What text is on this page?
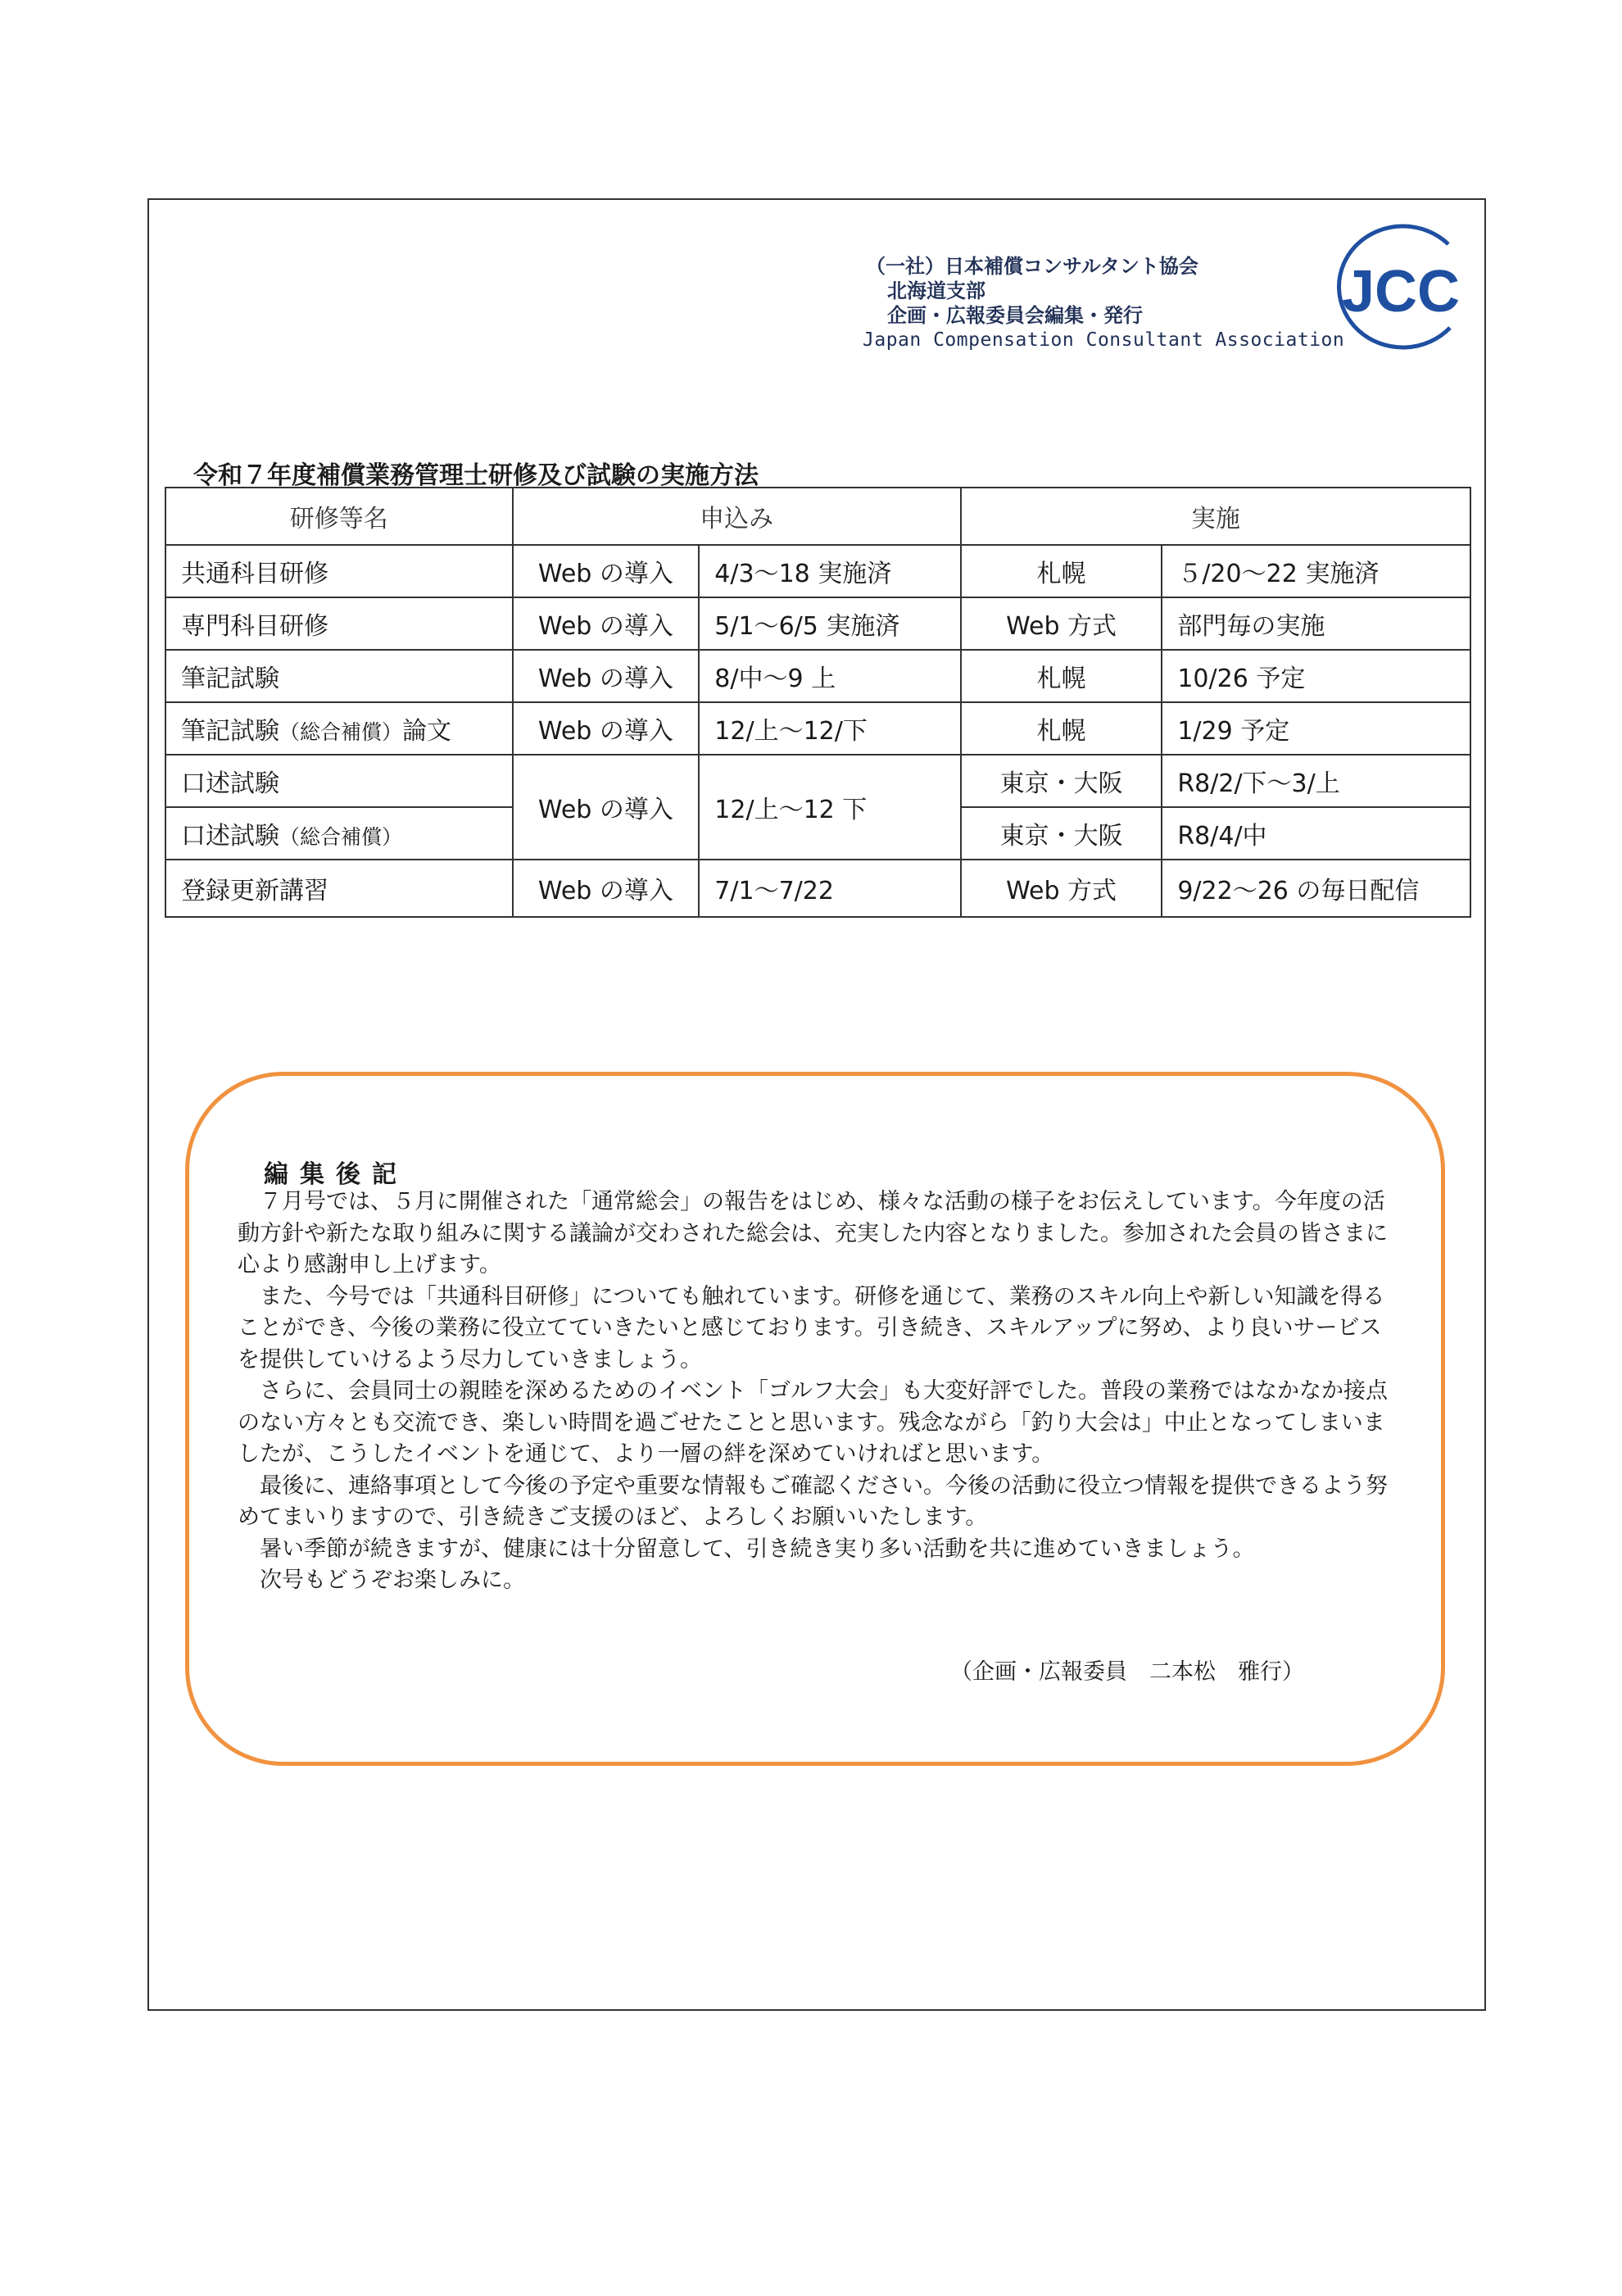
（一社）日本補償コンサルタント協会
北海道支部
企画・広報委員会編集・発行
Japan Compensation Consultant Association
JCC
令和７年度補償業務管理士研修及び試験の実施方法
研修等名	申込み		実施	
共通科目研修	Web の導入	4/3～18 実施済	札幌	５/20～22 実施済
専門科目研修	Web の導入	5/1～6/5 実施済	Web 方式	部門毎の実施
筆記試験	Web の導入	8/中～9 上	札幌	10/26 予定
筆記試験（総合補償）論文	Web の導入	12/上～12/下	札幌	1/29 予定
口述試験	Web の導入	12/上～12 下	東京・大阪	R8/2/下～3/上
口述試験（総合補償）			東京・大阪	R8/4/中
登録更新講習	Web の導入	7/1～7/22	Web 方式	9/22～26 の毎日配信
編集後記

７月号では、５月に開催された「通常総会」の報告をはじめ、様々な活動の様子をお伝えしています。今年度の活動方針や新たな取り組みに関する議論が交わされた総会は、充実した内容となりました。参加された会員の皆さまに心より感謝申し上げます。

また、今号では「共通科目研修」についても触れています。研修を通じて、業務のスキル向上や新しい知識を得ることができ、今後の業務に役立てていきたいと感じております。引き続き、スキルアップに努め、より良いサービスを提供していけるよう尽力していきましょう。

さらに、会員同士の親睦を深めるためのイベント「ゴルフ大会」も大変好評でした。普段の業務ではなかなか接点のない方々とも交流でき、楽しい時間を過ごせたことと思います。残念ながら「釣り大会は」中止となってしまいましたが、こうしたイベントを通じて、より一層の絆を深めていければと思います。

最後に、連絡事項として今後の予定や重要な情報もご確認ください。今後の活動に役立つ情報を提供できるよう努めてまいりますので、引き続きご支援のほど、よろしくお願いいたします。

暑い季節が続きますが、健康には十分留意して、引き続き実り多い活動を共に進めていきましょう。

次号もどうぞお楽しみに。

（企画・広報委員　二本松　雅行）
